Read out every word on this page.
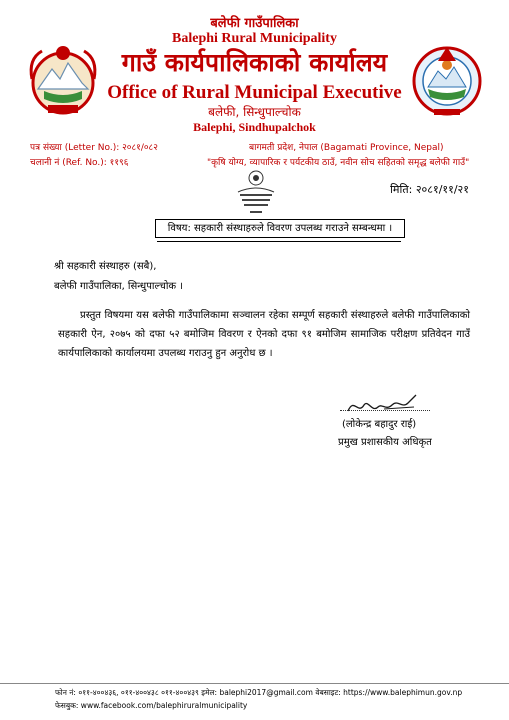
बलेफी गाउँपालिका
Balephi Rural Municipality
गाउँ कार्यपालिकाको कार्यालय
Office of Rural Municipal Executive
बलेफी, सिन्धुपाल्चोक
Balephi, Sindhupalchok
पत्र संख्या (Letter No.): २०८१/०८२
चलानी नं (Ref. No.): ११९६
बागमती प्रदेश, नेपाल (Bagamati Province, Nepal)
"कृषि योग्य, व्यापारिक र पर्यटकीय ठाउँ, नवीन सोच सहितको समृद्ध बलेफी गाउँ"
मिति: २०८१/११/२१
विषय: सहकारी संस्थाहरुले विवरण उपलब्ध गराउने सम्बन्धमा ।
श्री सहकारी संस्थाहरु (सबै),
बलेफी गाउँपालिका, सिन्धुपाल्चोक ।
प्रस्तुत विषयमा यस बलेफी गाउँपालिकामा सञ्चालन रहेका सम्पूर्ण सहकारी संस्थाहरुले बलेफी गाउँपालिकाको सहकारी ऐन, २०७५ को दफा ५२ बमोजिम विवरण र ऐनको दफा ९१ बमोजिम सामाजिक परीक्षण प्रतिवेदन गाउँ कार्यपालिकाको कार्यालयमा उपलब्ध गराउनु हुन अनुरोध छ ।
(लोकेन्द्र बहादुर राई)
प्रमुख प्रशासकीय अधिकृत
फोन नं: ०११-४००४३६, ०११-४००४३८ ०११-४००४३९ इमेल: balephi2017@gmail.com वेबसाइट: https://www.balephimun.gov.np
फेसबुक: www.facebook.com/balephiruralmunicipality
